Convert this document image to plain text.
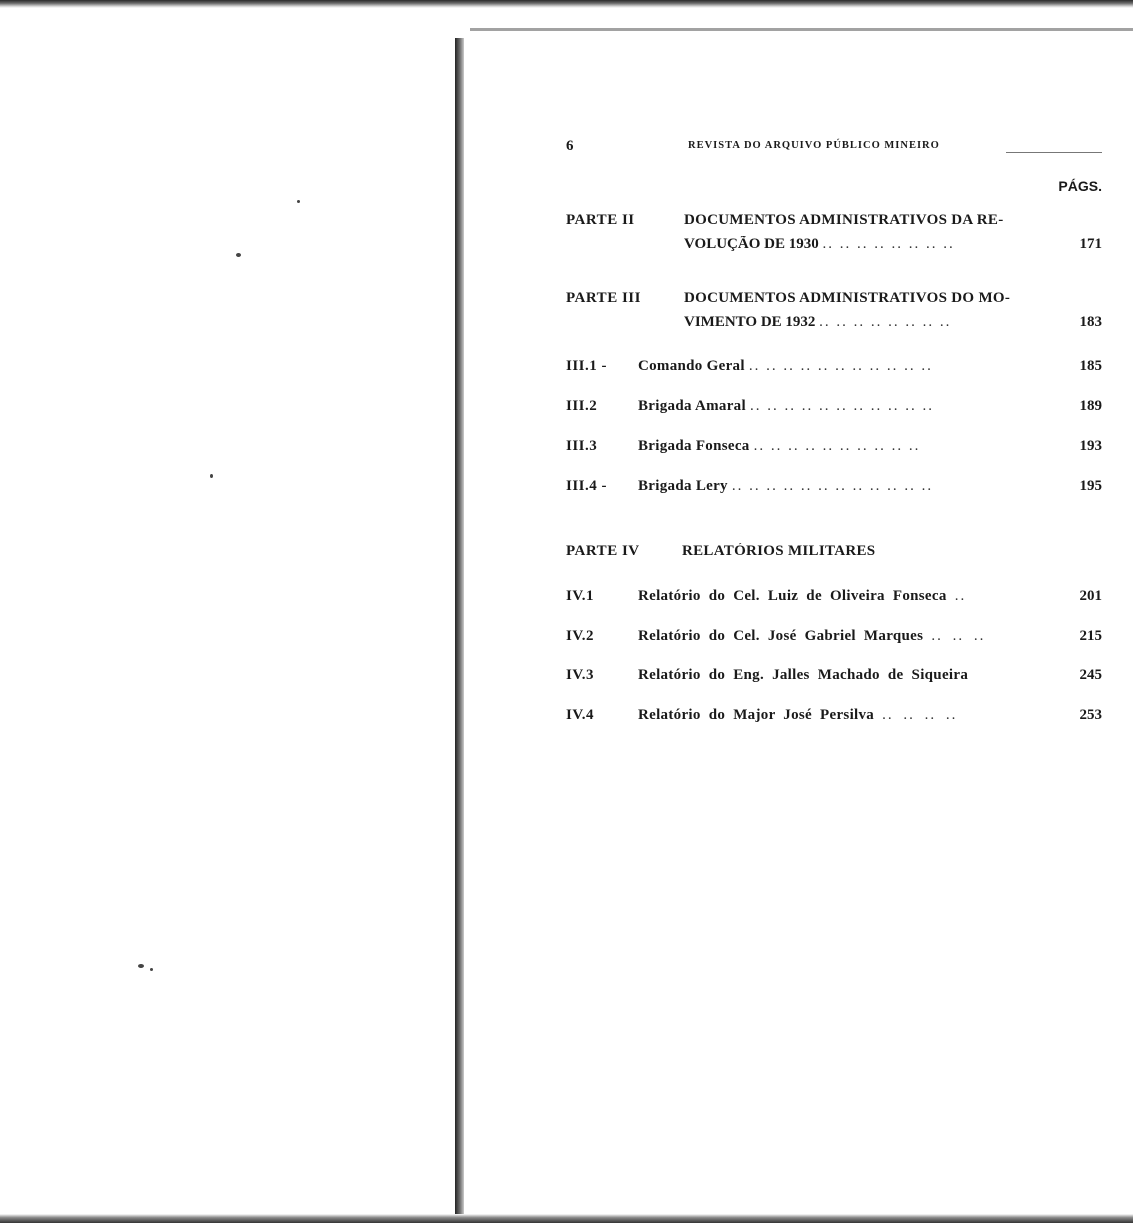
6	REVISTA DO ARQUIVO PÚBLICO MINEIRO
PÁGS.
PARTE II	DOCUMENTOS ADMINISTRATIVOS DA RE-
VOLUÇÃO DE 1930 .. .. .. .. .. .. .. ..	171
PARTE III	DOCUMENTOS ADMINISTRATIVOS DO MO-
VIMENTO DE 1932 .. .. .. .. .. .. .. ..	183
III.1 - Comando Geral .. .. .. .. .. .. .. .. .. .. ..	185
III.2	Brigada Amaral .. .. .. .. .. .. .. .. .. .. ..	189
III.3	Brigada Fonseca .. .. .. .. .. .. .. .. .. ..	193
III.4 - Brigada Lery .. .. .. .. .. .. .. .. .. .. .. ..	195
PARTE IV	RELATÓRIOS MILITARES
IV.1	Relatório do Cel. Luiz de Oliveira Fonseca ..	201
IV.2	Relatório do Cel. José Gabriel Marques .. .. ..	215
IV.3	Relatório do Eng. Jalles Machado de Siqueira	245
IV.4	Relatório do Major José Persilva .. .. .. ..	253
